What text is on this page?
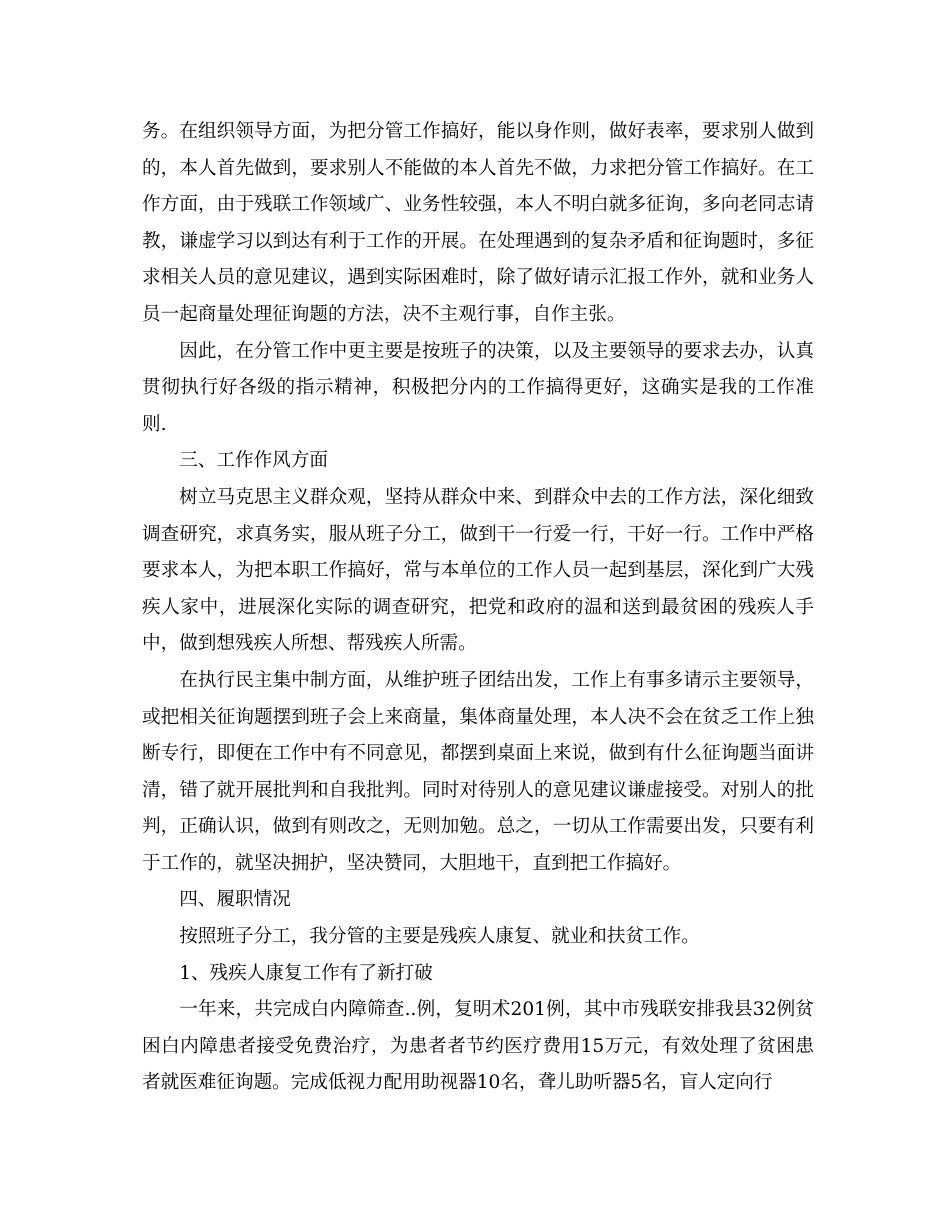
务。在组织领导方面，为把分管工作搞好，能以身作则，做好表率，要求别人做到的，本人首先做到，要求别人不能做的本人首先不做，力求把分管工作搞好。在工作方面，由于残联工作领域广、业务性较强，本人不明白就多征询，多向老同志请教，谦虚学习以到达有利于工作的开展。在处理遇到的复杂矛盾和征询题时，多征求相关人员的意见建议，遇到实际困难时，除了做好请示汇报工作外，就和业务人员一起商量处理征询题的方法，决不主观行事，自作主张。

因此，在分管工作中更主要是按班子的决策，以及主要领导的要求去办，认真贯彻执行好各级的指示精神，积极把分内的工作搞得更好，这确实是我的工作准则.

三、工作作风方面

树立马克思主义群众观，坚持从群众中来、到群众中去的工作方法，深化细致调查研究，求真务实，服从班子分工，做到干一行爱一行，干好一行。工作中严格要求本人，为把本职工作搞好，常与本单位的工作人员一起到基层，深化到广大残疾人家中，进展深化实际的调查研究，把党和政府的温和送到最贫困的残疾人手中，做到想残疾人所想、帮残疾人所需。

在执行民主集中制方面，从维护班子团结出发，工作上有事多请示主要领导，或把相关征询题摆到班子会上来商量，集体商量处理，本人决不会在贫乏工作上独断专行，即便在工作中有不同意见，都摆到桌面上来说，做到有什么征询题当面讲清，错了就开展批判和自我批判。同时对待别人的意见建议谦虚接受。对别人的批判，正确认识，做到有则改之，无则加勉。总之，一切从工作需要出发，只要有利于工作的，就坚决拥护，坚决赞同，大胆地干，直到把工作搞好。

四、履职情况

按照班子分工，我分管的主要是残疾人康复、就业和扶贫工作。

1、残疾人康复工作有了新打破

一年来，共完成白内障筛查..例，复明术201例，其中市残联安排我县32例贫困白内障患者接受免费治疗，为患者者节约医疗费用15万元，有效处理了贫困患者就医难征询题。完成低视力配用助视器10名，聋儿助听器5名，盲人定向行
